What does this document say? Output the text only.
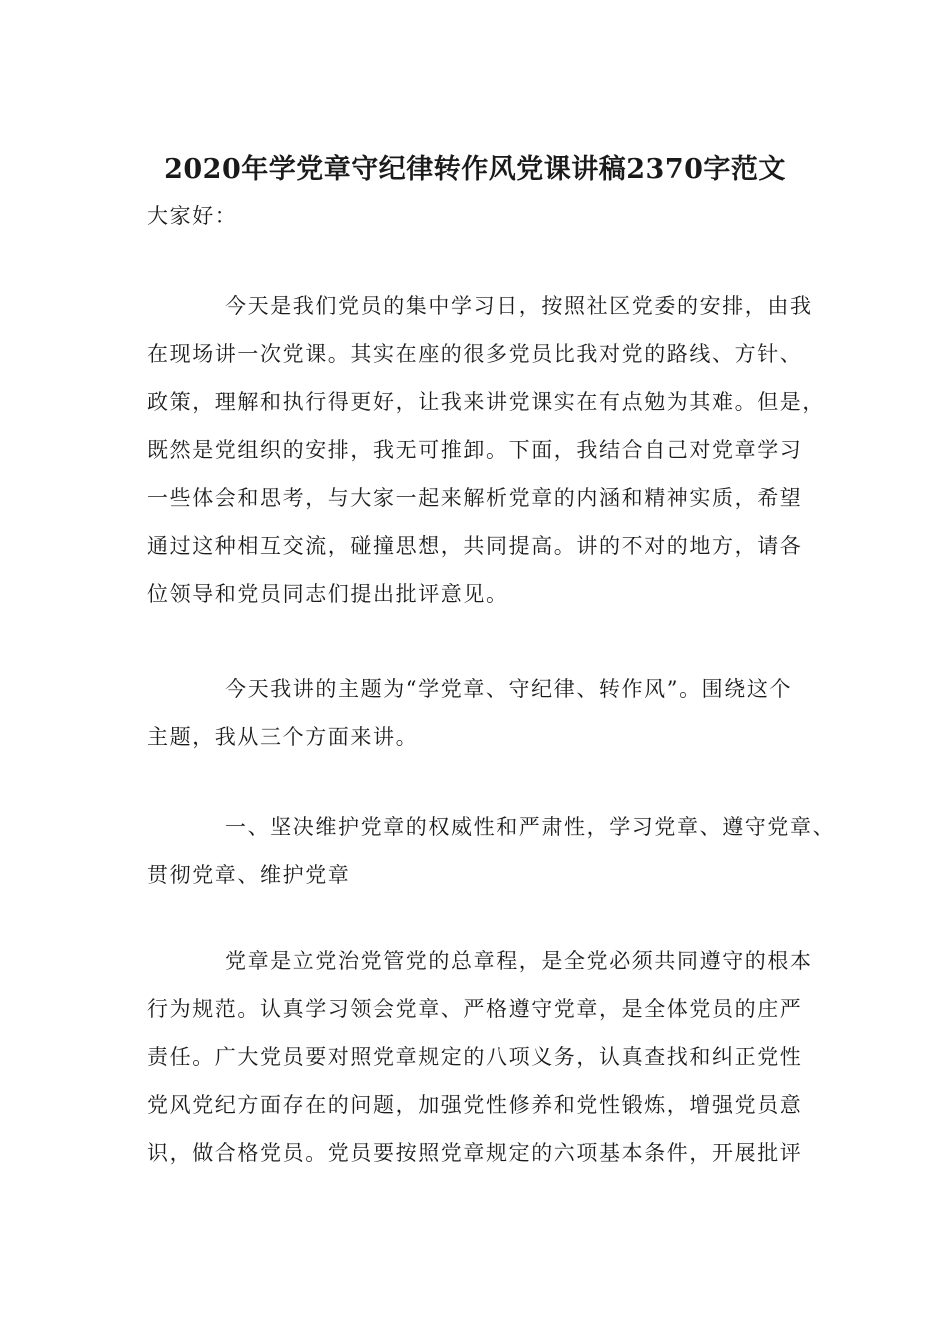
2020年学党章守纪律转作风党课讲稿2370字范文

大家好：

今天是我们党员的集中学习日，按照社区党委的安排，由我
在现场讲一次党课。其实在座的很多党员比我对党的路线、方针、
政策，理解和执行得更好，让我来讲党课实在有点勉为其难。但是，
既然是党组织的安排，我无可推卸。下面，我结合自己对党章学习
一些体会和思考，与大家一起来解析党章的内涵和精神实质，希望
通过这种相互交流，碰撞思想，共同提高。讲的不对的地方，请各
位领导和党员同志们提出批评意见。

今天我讲的主题为“学党章、守纪律、转作风”。围绕这个
主题，我从三个方面来讲。

一、坚决维护党章的权威性和严肃性，学习党章、遵守党章、
贯彻党章、维护党章

党章是立党治党管党的总章程，是全党必须共同遵守的根本
行为规范。认真学习领会党章、严格遵守党章，是全体党员的庄严
责任。广大党员要对照党章规定的八项义务，认真查找和纠正党性
党风党纪方面存在的问题，加强党性修养和党性锻炼，增强党员意
识，做合格党员。党员要按照党章规定的六项基本条件，开展批评
